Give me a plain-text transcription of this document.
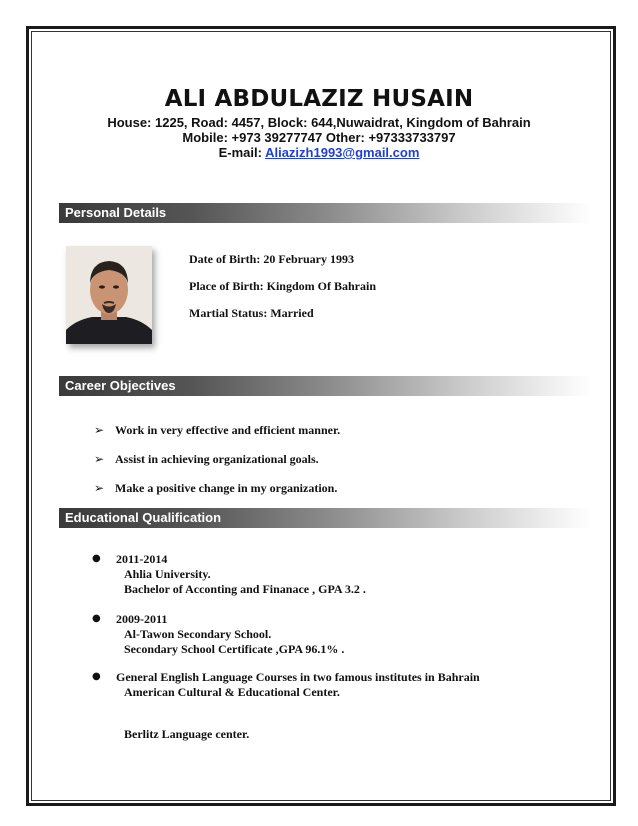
ALI ABDULAZIZ HUSAIN
House: 1225, Road: 4457, Block: 644,Nuwaidrat, Kingdom of Bahrain
Mobile: +973 39277747 Other: +97333733797
E-mail: Aliazizh1993@gmail.com
Personal Details
Date of Birth: 20 February 1993
Place of Birth: Kingdom Of Bahrain
Martial Status: Married
Career Objectives
➢ Work in very effective and efficient manner.
➢ Assist in achieving organizational goals.
➢ Make a positive change in my organization.
Educational Qualification
● 2011-2014
Ahlia University.
Bachelor of Acconting and Finanace , GPA 3.2 .
● 2009-2011
Al-Tawon Secondary School.
Secondary School Certificate ,GPA 96.1% .
● General English Language Courses in two famous institutes in Bahrain
American Cultural & Educational Center.
Berlitz Language center.
